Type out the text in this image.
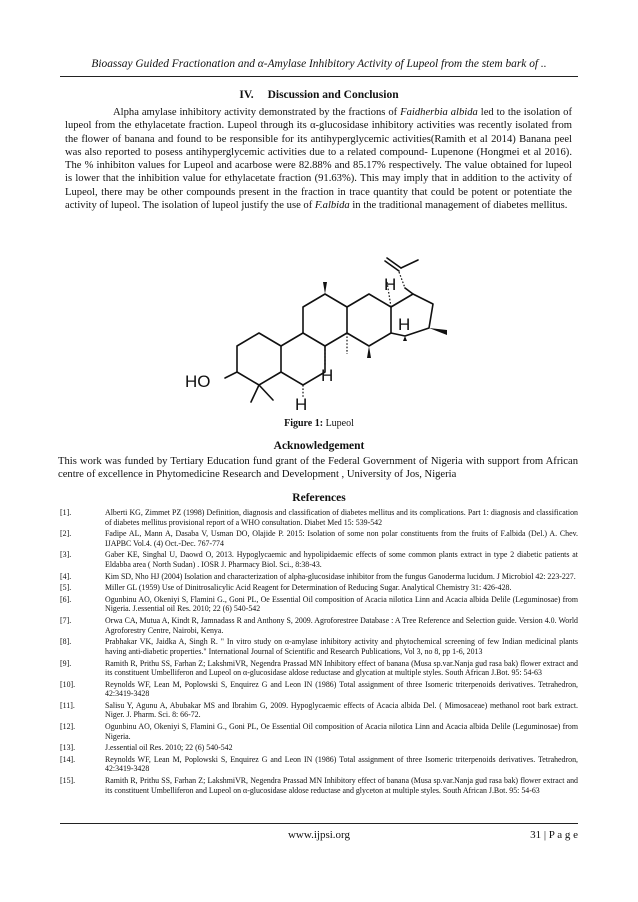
Bioassay Guided Fractionation and α-Amylase Inhibitory Activity of Lupeol from the stem bark of ..
IV. Discussion and Conclusion

Alpha amylase inhibitory activity demonstrated by the fractions of Faidherbia albida led to the isolation of lupeol from the ethylacetate fraction. Lupeol through its α-glucosidase inhibitory activities was recently isolated from the flower of banana and found to be responsible for its antihyperglycemic activities(Ramith et al 2014) Banana peel was also reported to posess antihyperglycemic activities due to a related compound- Lupenone (Hongmei et al 2016). The % inhibiton values for Lupeol and acarbose were 82.88% and 85.17% respectively. The value obtained for lupeol is lower that the inhibition value for ethylacetate fraction (91.63%). This may imply that in addition to the activity of Lupeol, there may be other compounds present in the fraction in trace quantity that could be potent or potentiate the activity of lupeol. The isolation of lupeol justify the use of F.albida in the traditional management of diabetes mellitus.

HO
H
H
H
H
Figure 1: Lupeol
Acknowledgement

This work was funded by Tertiary Education fund grant of the Federal Government of Nigeria with support from African centre of excellence in Phytomedicine Research and Development , University of Jos, Nigeria

References
[1].	Alberti KG, Zimmet PZ (1998) Definition, diagnosis and classification of diabetes mellitus and its complications. Part 1: diagnosis and classification of diabetes mellitus provisional report of a WHO consultation. Diabet Med 15: 539-542
[2].	Fadipe AL, Mann A, Dasaba V, Usman DO, Olajide P. 2015: Isolation of some non polar constituents from the fruits of F.albida (Del.) A. Chev. IJAPBC Vol.4. (4) Oct.-Dec. 767-774
[3].	Gaber KE, Singhal U, Daowd O, 2013. Hypoglycaemic and hypolipidaemic effects of some common plants extract in type 2 diabetic patients at Eldabba area ( North Sudan) . IOSR J. Pharmacy Biol. Sci., 8:38-43.
[4].	Kim SD, Nho HJ (2004) Isolation and characterization of alpha-glucosidase inhibitor from the fungus Ganoderma lucidum. J Microbiol 42: 223-227.
[5].	Miller GL (1959) Use of Dinitrosalicylic Acid Reagent for Determination of Reducing Sugar. Analytical Chemistry 31: 426-428.
[6].	Ogunbinu AO, Okeniyi S, Flamini G., Goni PL, Oe Essential Oil composition of Acacia nilotica Linn and Acacia albida Delile (Leguminosae) from Nigeria. J.essential oil Res. 2010; 22 (6) 540-542
[7].	Orwa CA, Mutua A, Kindt R, Jamnadass R and Anthony S, 2009. Agroforestree Database : A Tree Reference and Selection guide. Version 4.0. World Agroforestry Centre, Nairobi, Kenya.
[8].	Prabhakar VK, Jaidka A, Singh R. " In vitro study on α-amylase inhibitory activity and phytochemical screening of few Indian medicinal plants having anti-diabetic properties." International Journal of Scientific and Research Publications, Vol 3, no 8, pp 1-6, 2013
[9].	Ramith R, Prithu SS, Farhan Z; LakshmiVR, Negendra Prassad MN Inhibitory effect of banana (Musa sp.var.Nanja gud rasa bak) flower extract and its constituent Umbelliferon and Lupeol on α-glucosidase aldose reductase and glycation at multiple styles. South African J.Bot. 95: 54-63
[10].	Reynolds WF, Lean M, Poplowski S, Enquirez G and Leon IN (1986) Total assignment of three Isomeric triterpenoids derivatives. Tetrahedron, 42:3419-3428
[11].	Salisu Y, Agunu A, Abubakar MS and Ibrahim G, 2009. Hypoglycaemic effects of Acacia albida Del. ( Mimosaceae) methanol root bark extract. Niger. J. Pharm. Sci. 8: 66-72.
[12].	Ogunbinu AO, Okeniyi S, Flamini G., Goni PL, Oe Essential Oil composition of Acacia nilotica Linn and Acacia albida Delile (Leguminosae) from Nigeria.
[13].	J.essential oil Res. 2010; 22 (6) 540-542
[14].	Reynolds WF, Lean M, Poplowski S, Enquirez G and Leon IN (1986) Total assignment of three Isomeric triterpenoids derivatives. Tetrahedron, 42:3419-3428
[15].	Ramith R, Prithu SS, Farhan Z; LakshmiVR, Negendra Prassad MN Inhibitory effect of banana (Musa sp.var.Nanja gud rasa bak) flower extract and its constituent Umbelliferon and Lupeol on α-glucosidase aldose reductase and glyceton at multiple styles. South African J.Bot. 95: 54-63
www.ijpsi.org	31 | P a g e
